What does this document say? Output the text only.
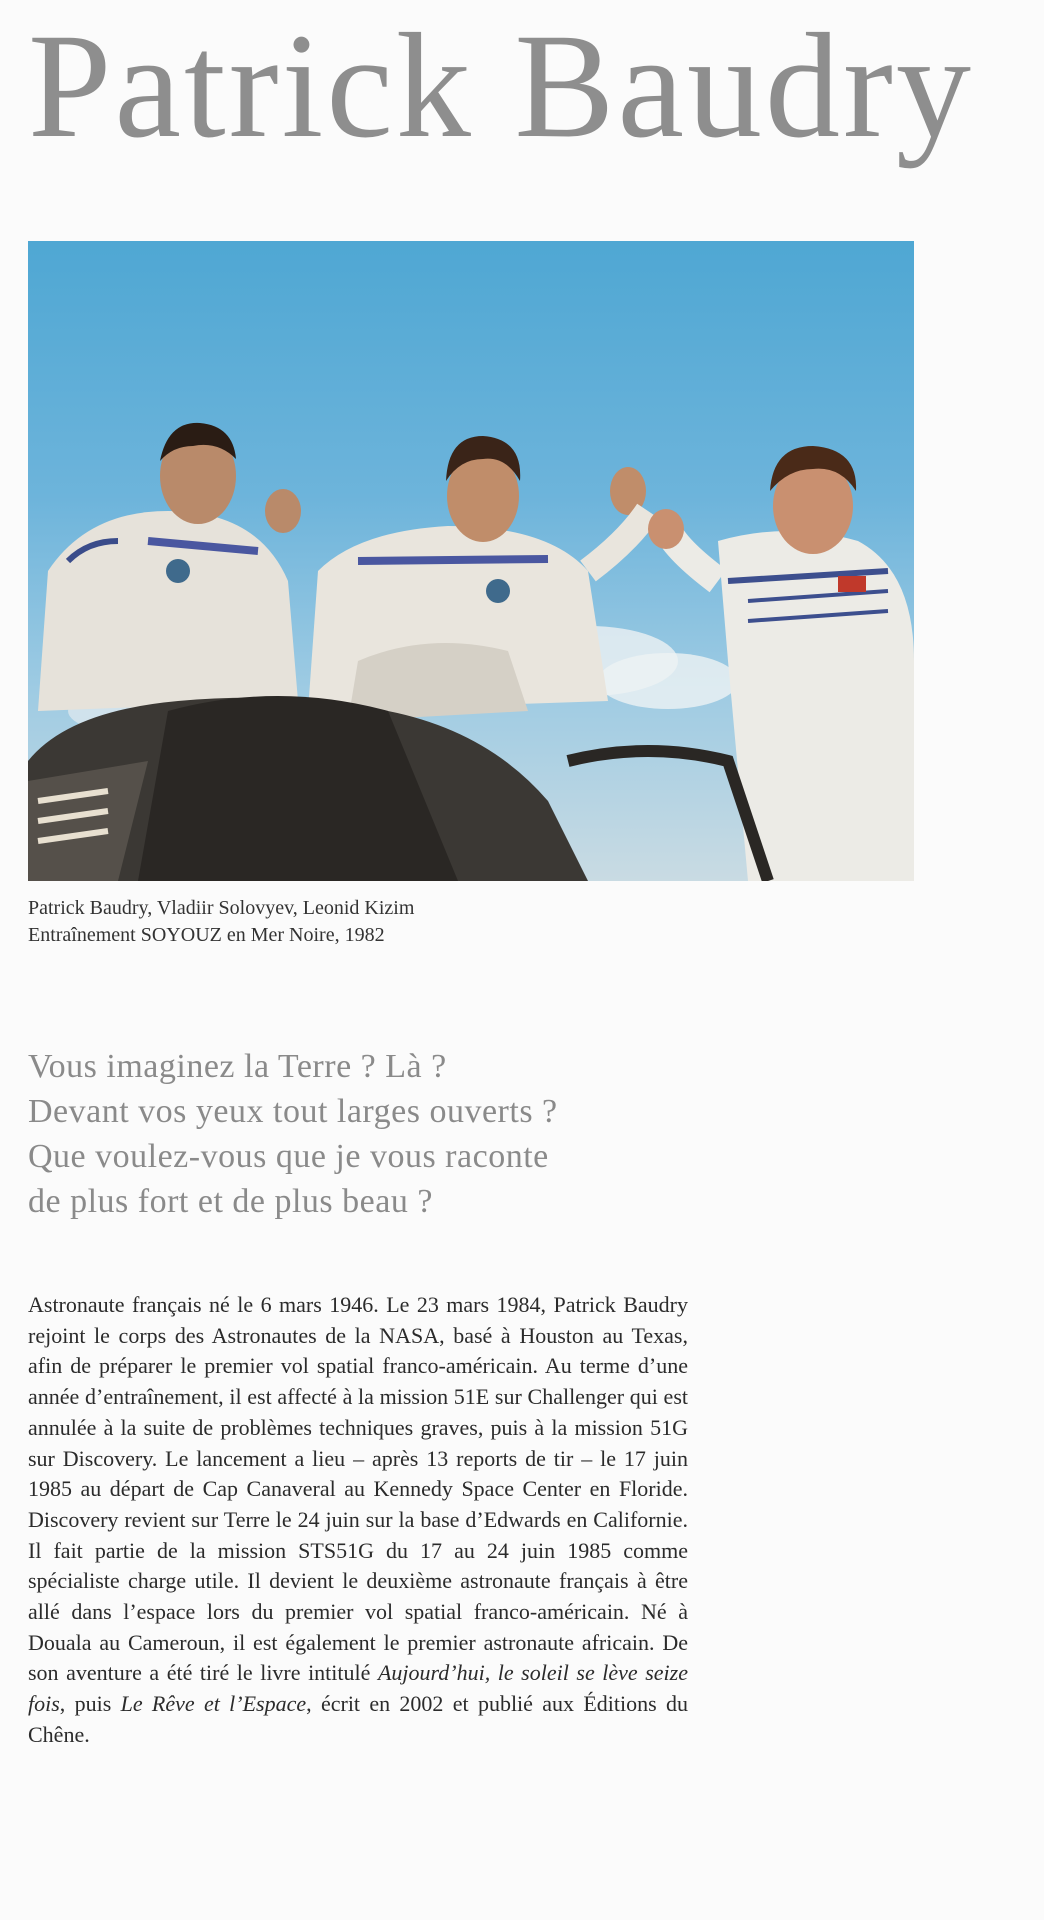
Patrick Baudry
Patrick Baudry, Vladiir Solovyev, Leonid Kizim
Entraînement SOYOUZ en Mer Noire, 1982
Vous imaginez la Terre ? Là ?
Devant vos yeux tout larges ouverts ?
Que voulez-vous que je vous raconte
de plus fort et de plus beau ?
Astronaute français né le 6 mars 1946. Le 23 mars 1984, Patrick Baudry rejoint le corps des Astronautes de la NASA, basé à Houston au Texas, afin de préparer le premier vol spatial franco-américain. Au terme d’une année d’entraînement, il est affecté à la mission 51E sur Challenger qui est annulée à la suite de problèmes techniques graves, puis à la mission 51G sur Discovery. Le lancement a lieu – après 13 reports de tir – le 17 juin 1985 au départ de Cap Canaveral au Kennedy Space Center en Floride. Discovery revient sur Terre le 24 juin sur la base d’Edwards en Californie. Il fait partie de la mission STS51G du 17 au 24 juin 1985 comme spécialiste charge utile. Il devient le deuxième astronaute français à être allé dans l’espace lors du premier vol spatial franco-américain. Né à Douala au Cameroun, il est également le premier astronaute africain. De son aventure a été tiré le livre intitulé Aujourd’hui, le soleil se lève seize fois, puis Le Rêve et l’Espace, écrit en 2002 et publié aux Éditions du Chêne.
